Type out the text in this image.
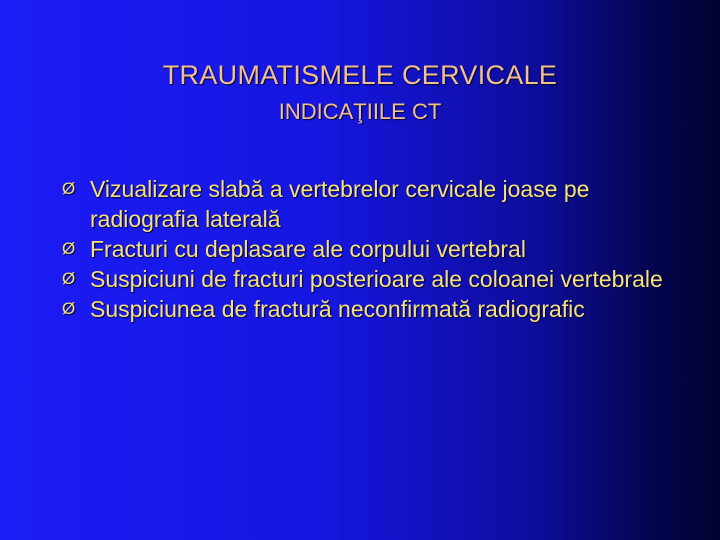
TRAUMATISMELE CERVICALE
INDICAŢIILE CT
Ø Vizualizare slabă a vertebrelor cervicale joase pe radiografia laterală
Ø Fracturi cu deplasare ale corpului vertebral
Ø Suspiciuni de fracturi posterioare ale coloanei vertebrale
Ø Suspiciunea de fractură neconfirmată radiografic
